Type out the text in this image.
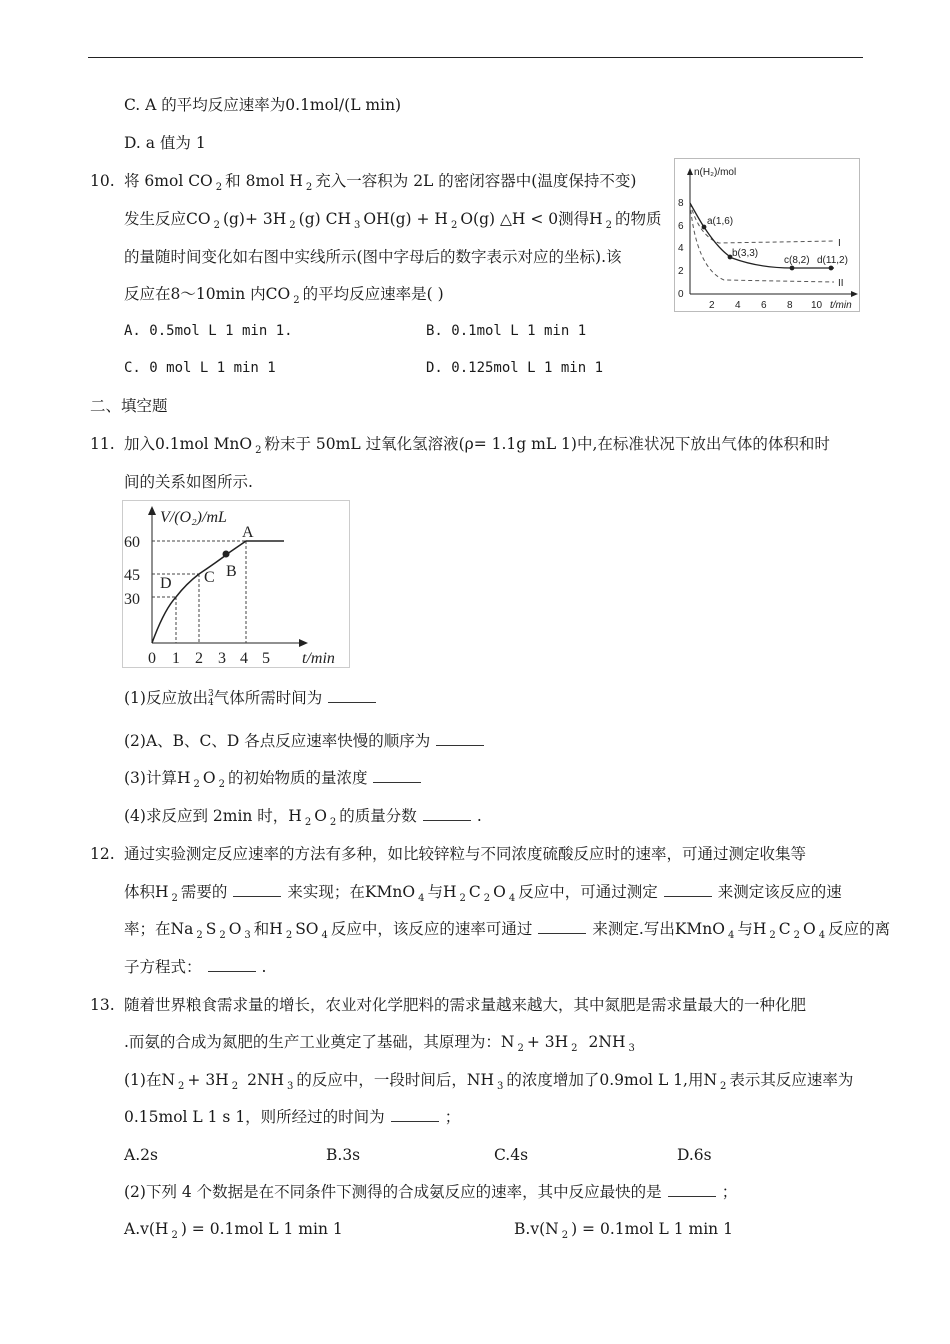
C. A 的平均反应速率为0.1mol/(L min)
D. a 值为 1
10. 将 6mol CO $_2$ 和 8mol H $_2$ 充入一容积为 2L 的密闭容器中(温度保持不变)
发生反应CO $_2$ (g)+ 3H $_2$ (g) CH $_3$ OH(g) + H $_2$ O(g) △H < 0测得H $_2$ 的物质
的量随时间变化如右图中实线所示(图中字母后的数字表示对应的坐标).该
反应在8～10min 内CO $_2$ 的平均反应速率是( )
A. 0.5mol L 1 min 1.	B. 0.1mol L 1 min 1
C. 0 mol L 1 min 1	D. 0.125mol L 1 min 1
n(H₂)/mol
t/min
8
6
4
2
0
2 4 6 8 10
a(1,6)
b(3,3)
c(8,2) d(11,2)
I
II
二、填空题
11. 加入0.1mol MnO $_2$ 粉末于 50mL 过氧化氢溶液(ρ= 1.1g mL 1)中,在标准状况下放出气体的体积和时
间的关系如图所示.
V/(O₂)/mL
t/min
60
45
30
0 1 2 3 4 5
A
B
C
D
(1)反应放出3
4气体所需时间为
(2)A、B、C、D 各点反应速率快慢的顺序为
(3)计算H $_2$ O $_2$ 的初始物质的量浓度
(4)求反应到 2min 时，H $_2$ O $_2$ 的质量分数	.
12. 通过实验测定反应速率的方法有多种，如比较锌粒与不同浓度硫酸反应时的速率，可通过测定收集等
体积H $_2$ 需要的	来实现；在KMnO $_4$ 与H $_2$ C $_2$ O $_4$ 反应中，可通过测定	来测定该反应的速
率；在Na $_2$ S $_2$ O $_3$ 和H $_2$ SO $_4$ 反应中，该反应的速率可通过	来测定.写出KMnO $_4$ 与H $_2$ C $_2$ O $_4$ 反应的离
子方程式：	.
13. 随着世界粮食需求量的增长，农业对化学肥料的需求量越来越大，其中氮肥是需求量最大的一种化肥
.而氨的合成为氮肥的生产工业奠定了基础，其原理为：N $_2$ + 3H $_2$ 2NH $_3$
(1)在N $_2$ + 3H $_2$ 2NH $_3$ 的反应中，一段时间后，NH $_3$ 的浓度增加了0.9mol L 1,用N $_2$ 表示其反应速率为
0.15mol L 1 s 1，则所经过的时间为	；
A.2s	B.3s	C.4s	D.6s
(2)下列 4 个数据是在不同条件下测得的合成氨反应的速率，其中反应最快的是	；
A.v(H $_2$ ) = 0.1mol L 1 min 1	B.v(N $_2$ ) = 0.1mol L 1 min 1
